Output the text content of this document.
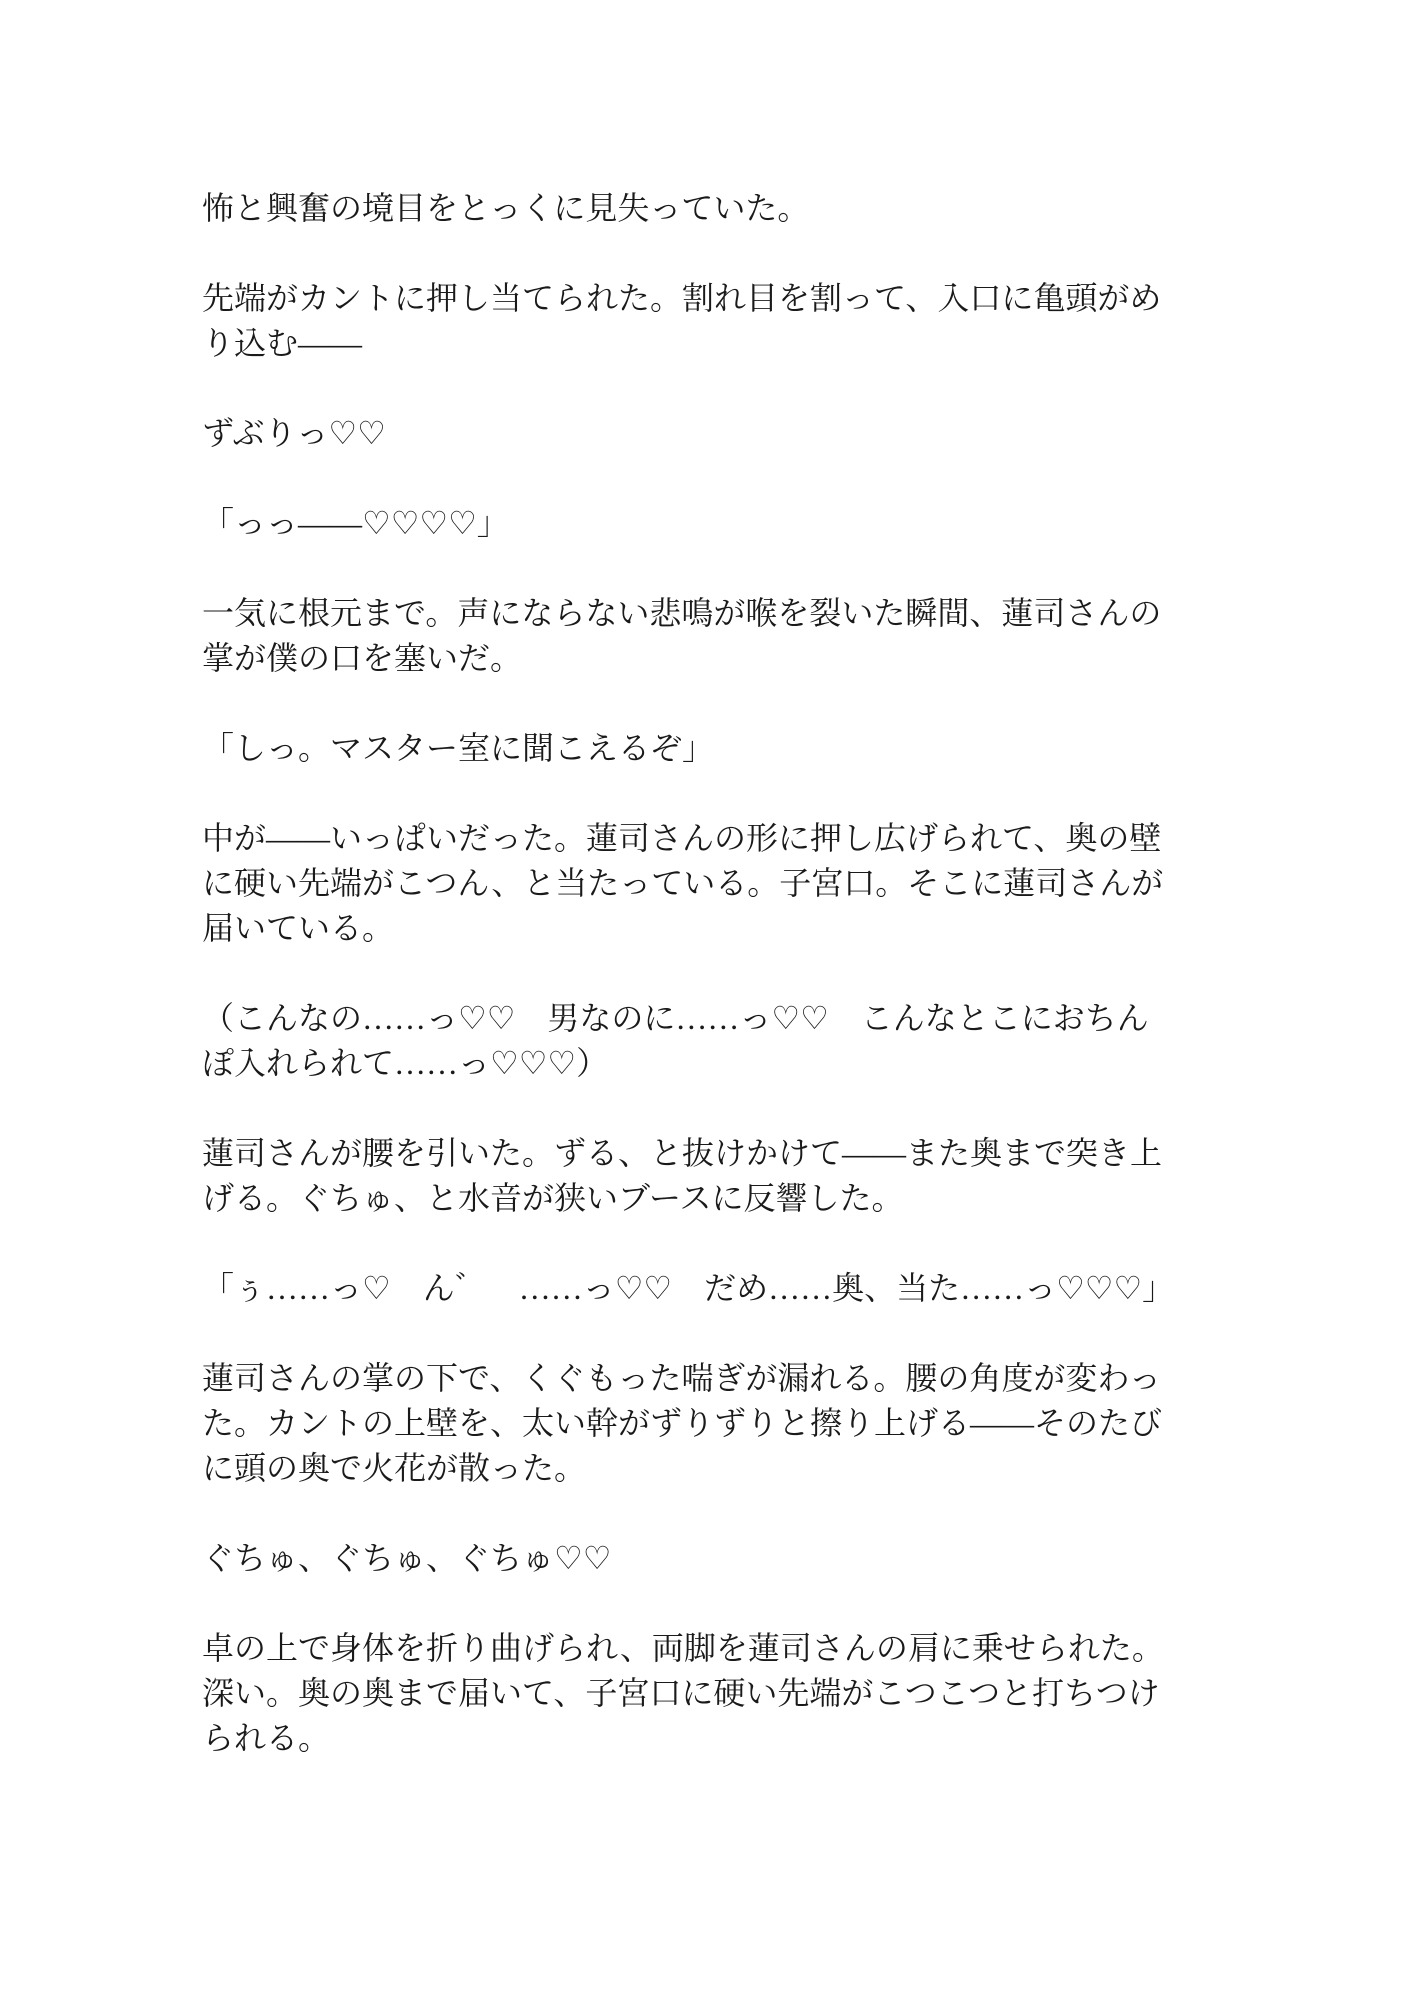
怖と興奮の境目をとっくに見失っていた。
先端がカントに押し当てられた。割れ目を割って、入口に亀頭がめ
り込む――
ずぶりっ♡♡
「っっ――♡♡♡♡」
一気に根元まで。声にならない悲鳴が喉を裂いた瞬間、蓮司さんの
掌が僕の口を塞いだ。
「しっ。マスター室に聞こえるぞ」
中が――いっぱいだった。蓮司さんの形に押し広げられて、奥の壁
に硬い先端がこつん、と当たっている。子宮口。そこに蓮司さんが
届いている。
（こんなの……っ♡♡　男なのに……っ♡♡　こんなとこにおちん
ぽ入れられて……っ♡♡♡）
蓮司さんが腰を引いた。ずる、と抜けかけて――また奥まで突き上
げる。ぐちゅ、と水音が狭いブースに反響した。
「ぅ……っ♡　ん゛　……っ♡♡　だめ……奥、当た……っ♡♡♡」
蓮司さんの掌の下で、くぐもった喘ぎが漏れる。腰の角度が変わっ
た。カントの上壁を、太い幹がずりずりと擦り上げる――そのたび
に頭の奥で火花が散った。
ぐちゅ、ぐちゅ、ぐちゅ♡♡
卓の上で身体を折り曲げられ、両脚を蓮司さんの肩に乗せられた。
深い。奥の奥まで届いて、子宮口に硬い先端がこつこつと打ちつけ
られる。
